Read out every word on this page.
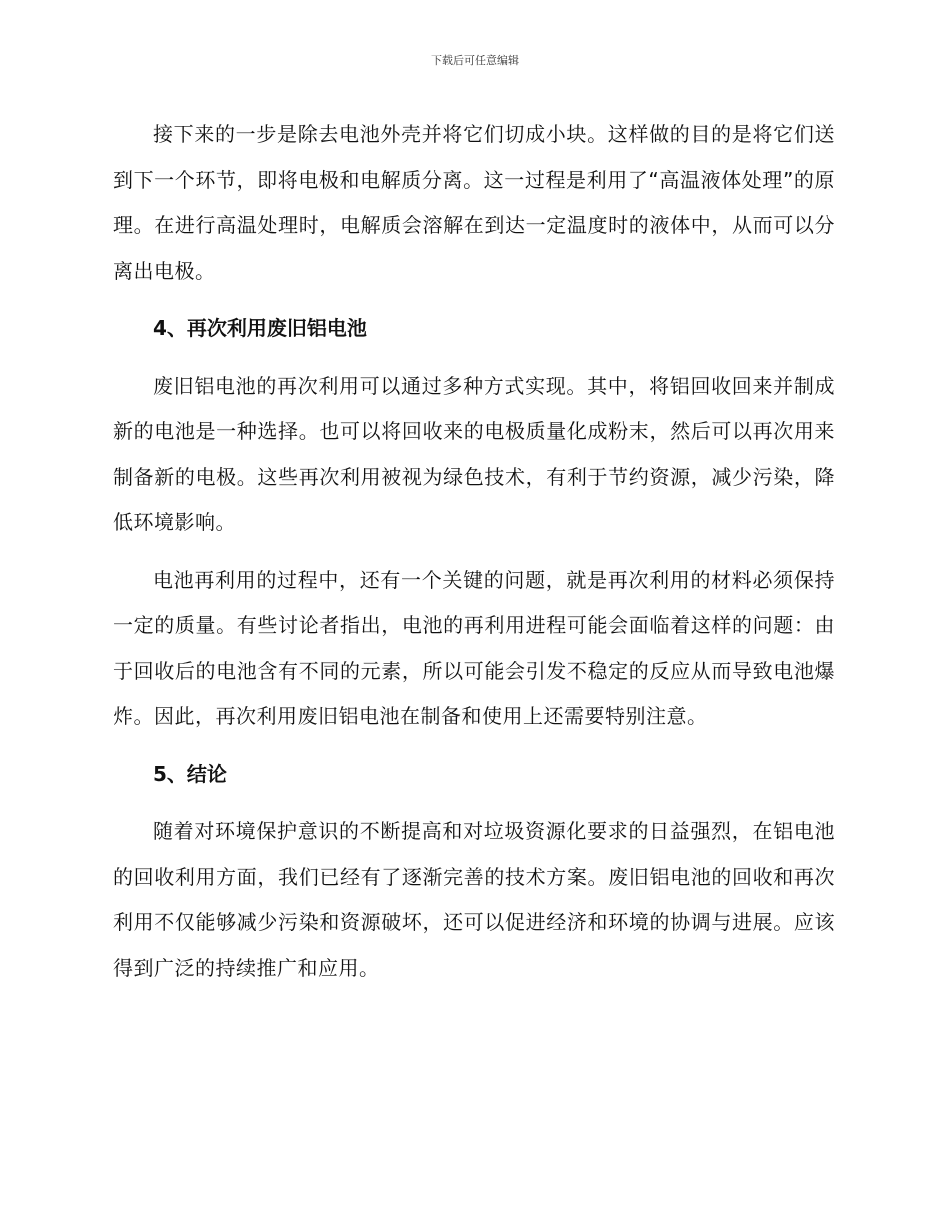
下载后可任意编辑

接下来的一步是除去电池外壳并将它们切成小块。这样做的目的是将它们送到下一个环节，即将电极和电解质分离。这一过程是利用了“高温液体处理”的原理。在进行高温处理时，电解质会溶解在到达一定温度时的液体中，从而可以分离出电极。

4、再次利用废旧铝电池

废旧铝电池的再次利用可以通过多种方式实现。其中，将铝回收回来并制成新的电池是一种选择。也可以将回收来的电极质量化成粉末，然后可以再次用来制备新的电极。这些再次利用被视为绿色技术，有利于节约资源，减少污染，降低环境影响。

电池再利用的过程中，还有一个关键的问题，就是再次利用的材料必须保持一定的质量。有些讨论者指出，电池的再利用进程可能会面临着这样的问题：由于回收后的电池含有不同的元素，所以可能会引发不稳定的反应从而导致电池爆炸。因此，再次利用废旧铝电池在制备和使用上还需要特别注意。

5、结论

随着对环境保护意识的不断提高和对垃圾资源化要求的日益强烈，在铝电池的回收利用方面，我们已经有了逐渐完善的技术方案。废旧铝电池的回收和再次利用不仅能够减少污染和资源破坏，还可以促进经济和环境的协调与进展。应该得到广泛的持续推广和应用。
